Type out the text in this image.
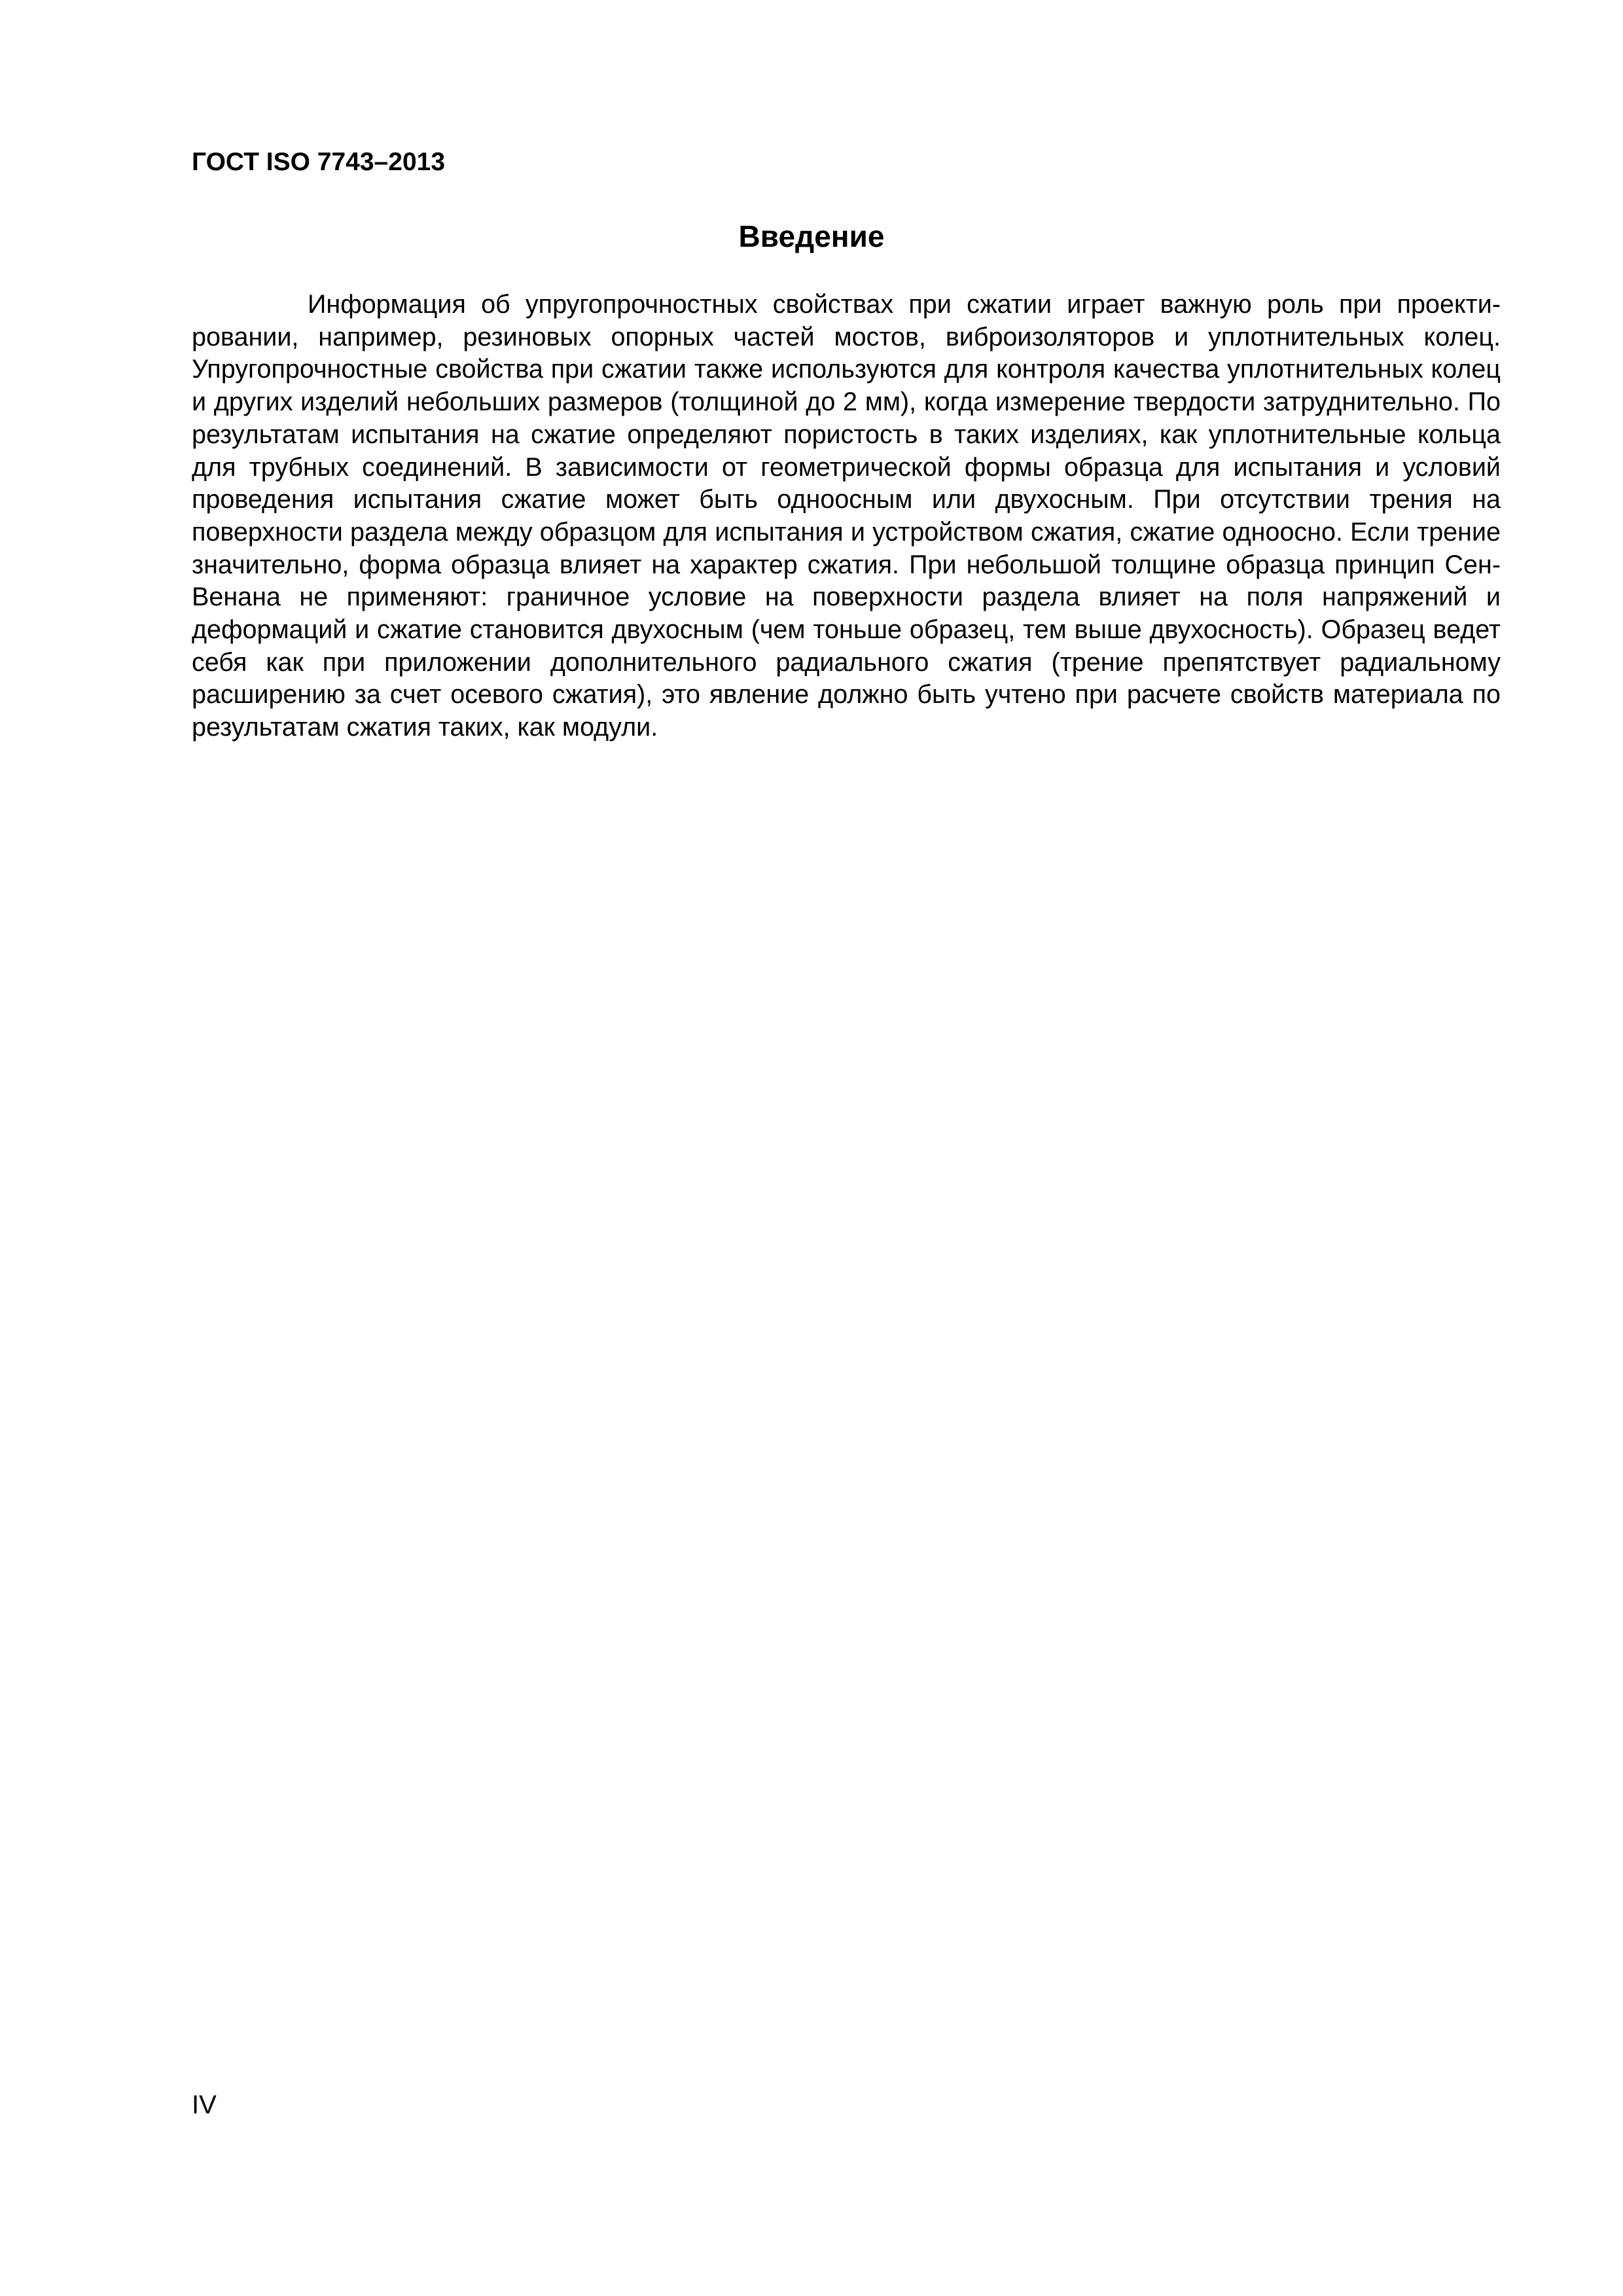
ГОСТ ISO 7743–2013
Введение

Информация об упругопрочностных свойствах при сжатии играет важную роль при проектировании, например, резиновых опорных частей мостов, виброизоляторов и уплотнительных колец. Упругопрочностные свойства при сжатии также используются для контроля качества уплотнительных колец и других изделий небольших размеров (толщиной до 2 мм), когда измерение твердости затруднительно. По результатам испытания на сжатие определяют пористость в таких изделиях, как уплотнительные кольца для трубных соединений. В зависимости от геометрической формы образца для испытания и условий проведения испытания сжатие может быть одноосным или двухосным. При отсутствии трения на поверхности раздела между образцом для испытания и устройством сжатия, сжатие одноосно. Если трение значительно, форма образца влияет на характер сжатия. При небольшой толщине образца принцип Сен-Венана не применяют: граничное условие на поверхности раздела влияет на поля напряжений и деформаций и сжатие становится двухосным (чем тоньше образец, тем выше двухосность). Образец ведет себя как при приложении дополнительного радиального сжатия (трение препятствует радиальному расширению за счет осевого сжатия), это явление должно быть учтено при расчете свойств материала по результатам сжатия таких, как модули.

IV
